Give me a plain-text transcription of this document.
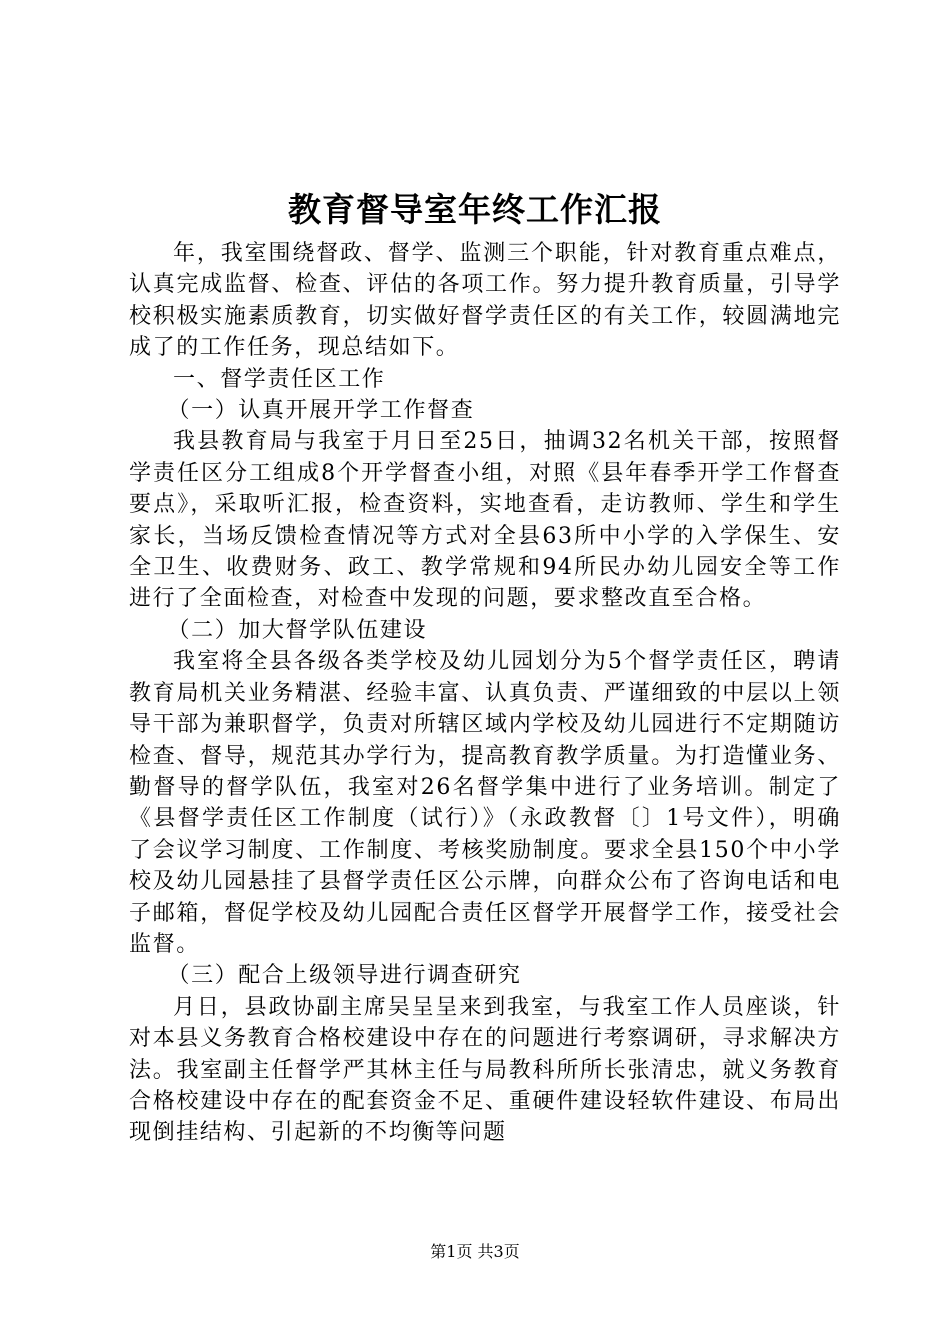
教育督导室年终工作汇报

年，我室围绕督政、督学、监测三个职能，针对教育重点难点，认真完成监督、检查、评估的各项工作。努力提升教育质量，引导学校积极实施素质教育，切实做好督学责任区的有关工作，较圆满地完成了的工作任务，现总结如下。

一、督学责任区工作

（一）认真开展开学工作督查

我县教育局与我室于月日至25日，抽调32名机关干部，按照督学责任区分工组成8个开学督查小组，对照《县年春季开学工作督查要点》，采取听汇报，检查资料，实地查看，走访教师、学生和学生家长，当场反馈检查情况等方式对全县63所中小学的入学保生、安全卫生、收费财务、政工、教学常规和94所民办幼儿园安全等工作进行了全面检查，对检查中发现的问题，要求整改直至合格。

（二）加大督学队伍建设

我室将全县各级各类学校及幼儿园划分为5个督学责任区，聘请教育局机关业务精湛、经验丰富、认真负责、严谨细致的中层以上领导干部为兼职督学，负责对所辖区域内学校及幼儿园进行不定期随访检查、督导，规范其办学行为，提高教育教学质量。为打造懂业务、勤督导的督学队伍，我室对26名督学集中进行了业务培训。制定了《县督学责任区工作制度（试行）》（永政教督〔〕1号文件），明确了会议学习制度、工作制度、考核奖励制度。要求全县150个中小学校及幼儿园悬挂了县督学责任区公示牌，向群众公布了咨询电话和电子邮箱，督促学校及幼儿园配合责任区督学开展督学工作，接受社会监督。

（三）配合上级领导进行调查研究

月日，县政协副主席吴呈呈来到我室，与我室工作人员座谈，针对本县义务教育合格校建设中存在的问题进行考察调研，寻求解决方法。我室副主任督学严其林主任与局教科所所长张清忠，就义务教育合格校建设中存在的配套资金不足、重硬件建设轻软件建设、布局出现倒挂结构、引起新的不均衡等问题

第1页 共3页
